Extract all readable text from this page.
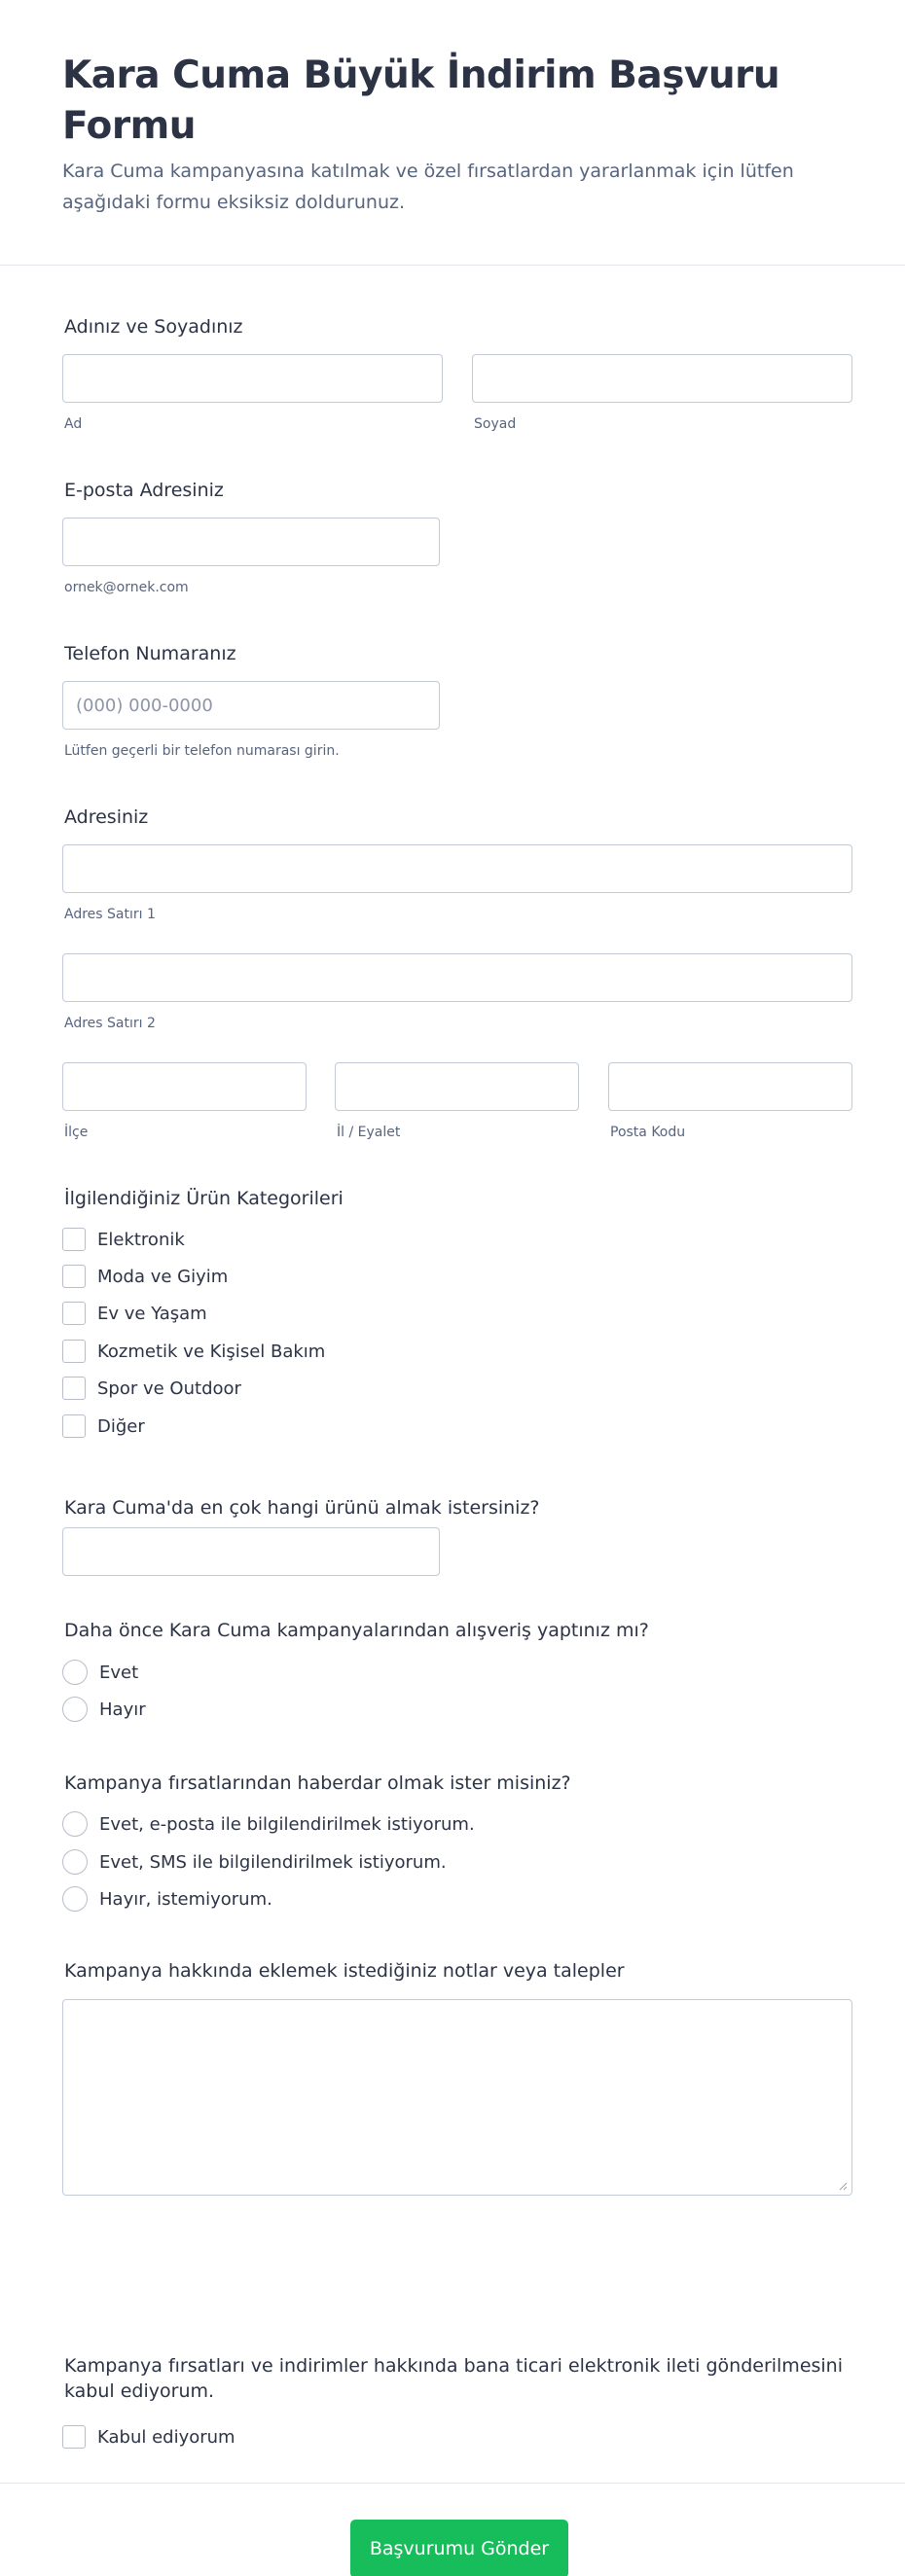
Kara Cuma Büyük İndirim Başvuru Formu
Kara Cuma kampanyasına katılmak ve özel fırsatlardan yararlanmak için lütfen aşağıdaki formu eksiksiz doldurunuz.
Adınız ve Soyadınız
Ad	Soyad
E-posta Adresiniz
ornek@ornek.com
Telefon Numaranız
(000) 000-0000
Lütfen geçerli bir telefon numarası girin.
Adresiniz
Adres Satırı 1
Adres Satırı 2
İlçe	İl / Eyalet	Posta Kodu
İlgilendiğiniz Ürün Kategorileri
Elektronik
Moda ve Giyim
Ev ve Yaşam
Kozmetik ve Kişisel Bakım
Spor ve Outdoor
Diğer
Kara Cuma'da en çok hangi ürünü almak istersiniz?
Daha önce Kara Cuma kampanyalarından alışveriş yaptınız mı?
Evet
Hayır
Kampanya fırsatlarından haberdar olmak ister misiniz?
Evet, e-posta ile bilgilendirilmek istiyorum.
Evet, SMS ile bilgilendirilmek istiyorum.
Hayır, istemiyorum.
Kampanya hakkında eklemek istediğiniz notlar veya talepler
Kampanya fırsatları ve indirimler hakkında bana ticari elektronik ileti gönderilmesini kabul ediyorum.
Kabul ediyorum
Başvurumu Gönder
